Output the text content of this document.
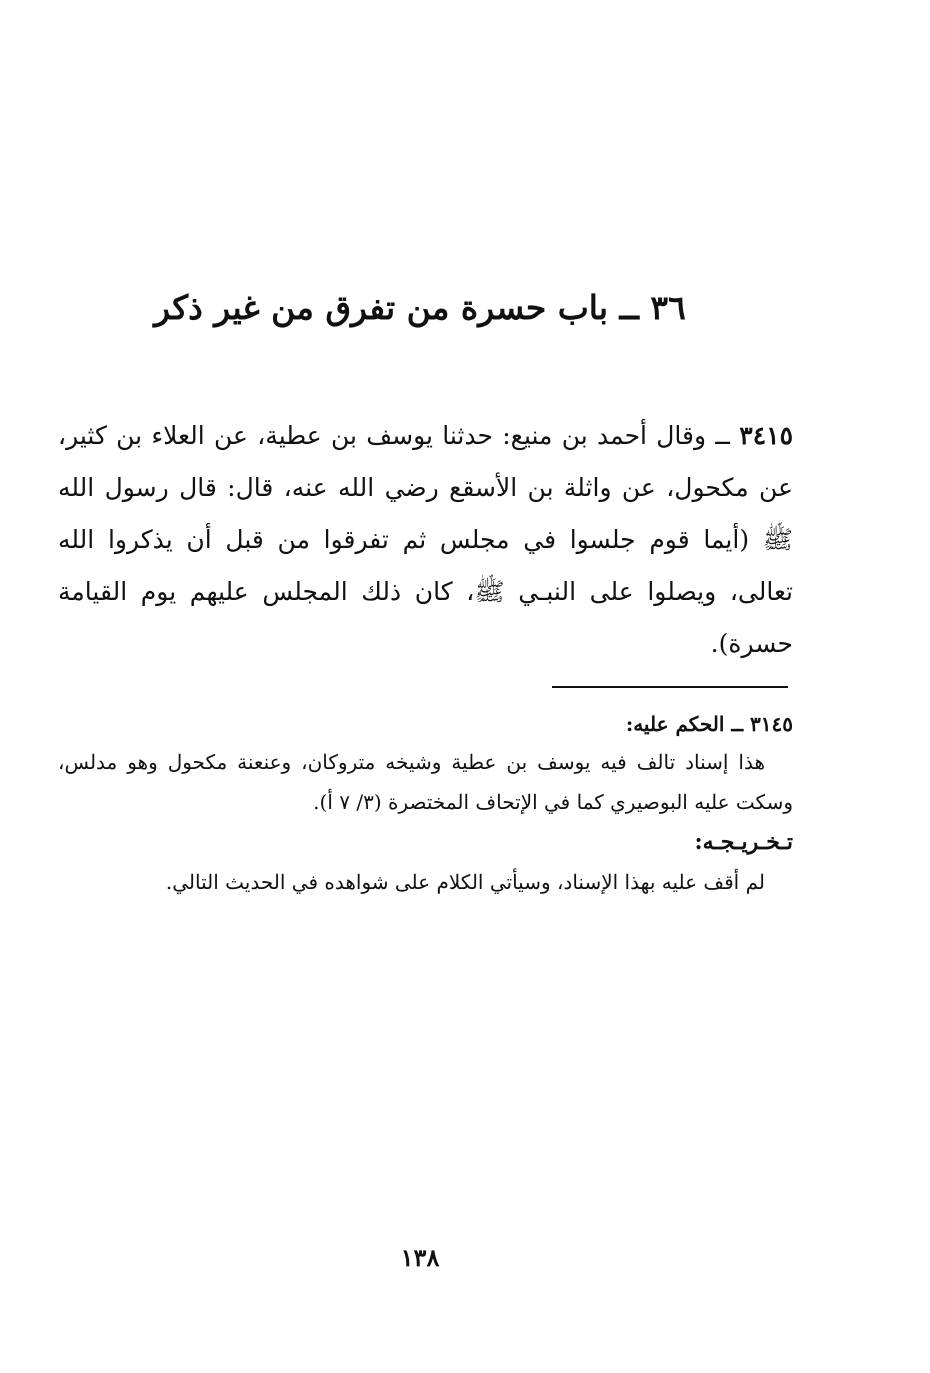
٣٦ ــ باب حسرة من تفرق من غير ذكر

٣٤١٥ ــ وقال أحمد بن منيع: حدثنا يوسف بن عطية، عن العلاء بن كثير، عن مكحول، عن واثلة بن الأسقع رضي الله عنه، قال: قال رسول الله ﷺ (أيما قوم جلسوا في مجلس ثم تفرقوا من قبل أن يذكروا الله تعالى، ويصلوا على النبـي ﷺ، كان ذلك المجلس عليهم يوم القيامة حسرة).

٣١٤٥ ــ الحكم عليه:

هذا إسناد تالف فيه يوسف بن عطية وشيخه متروكان، وعنعنة مكحول وهو مدلس، وسكت عليه البوصيري كما في الإتحاف المختصرة (٣/ ٧ أ).

تـخـريـجـه:

لم أقف عليه بهذا الإسناد، وسيأتي الكلام على شواهده في الحديث التالي.

١٣٨
